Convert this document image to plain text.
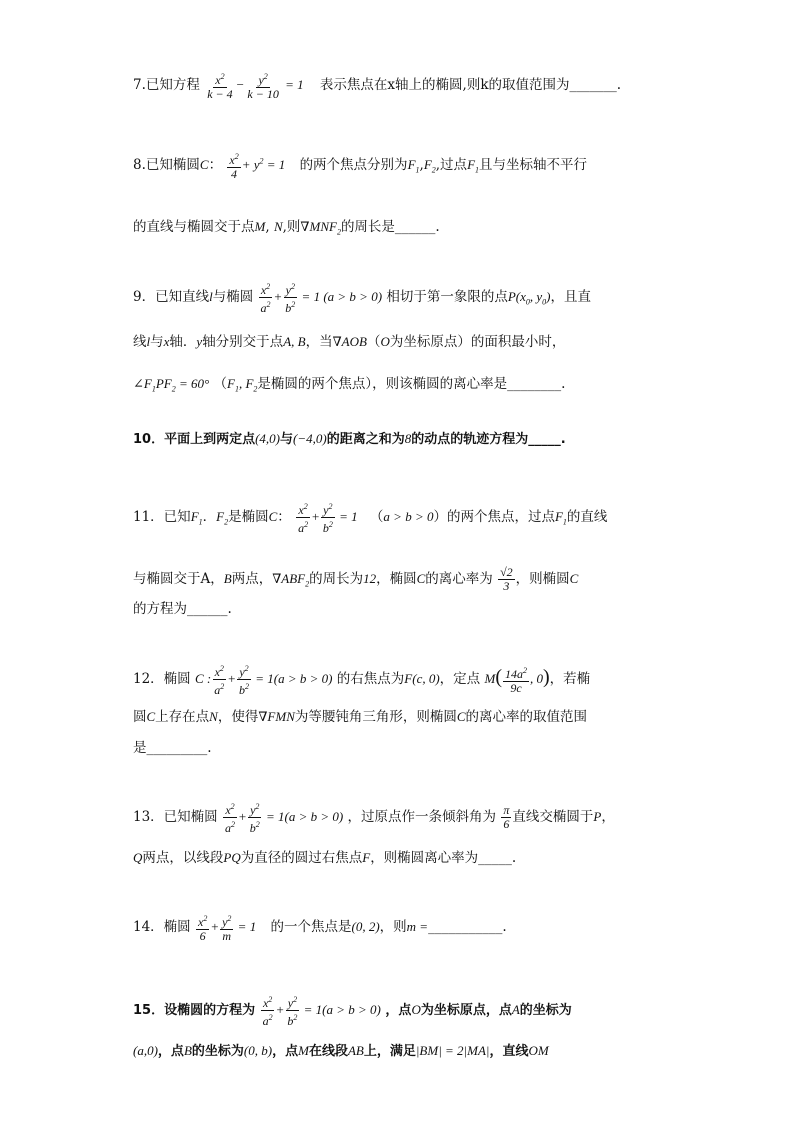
7.已知方程 $\frac{x^2}{k - 4} - \frac{y^2}{k - 10} = 1$ 表示焦点在x轴上的椭圆,则k的取值范围为_______.
8.已知椭圆C： $\frac{x^2}{4} + y^2 = 1$ 的两个焦点分别为$F_1,F_2$,过点$F_1$且与坐标轴不平行
的直线与椭圆交于点M, N,则$\nabla MNF_2$的周长是______.
9．已知直线l与椭圆 $\frac{x^2}{a^2} + \frac{y^2}{b^2} = 1$ (a > b > 0) 相切于第一象限的点$P(x_0$, $y_0$)，且直
线l与x轴．y轴分别交于点A, B，当∇AOB（O为坐标原点）的面积最小时，
$\angle F_1PF_2 = 60^\circ$ （$F_1$, $F_2$是椭圆的两个焦点），则该椭圆的离心率是________.
10．平面上到两定点(4,0)与(−4,0)的距离之和为8的动点的轨迹方程为_____.
11．已知$F_1$．$F_2$是椭圆C： $\frac{x^2}{a^2} + \frac{y^2}{b^2} = 1$ （a > b > 0）的两个焦点，过点$F_1$的直线
与椭圆交于A，B两点，$\nabla ABF_2$的周长为12，椭圆C的离心率为 $\frac{√2}{3}$ ，则椭圆C
的方程为______.
12．椭圆 C : $\frac{x^2}{a^2} + \frac{y^2}{b^2} = 1(a > b > 0)$ 的右焦点为F(c, 0)，定点 $M( \frac{14a^2}{9c}$ , 0)，若椭
圆C上存在点N，使得∇FMN为等腰钝角三角形，则椭圆C的离心率的取值范围
是_________.
13．已知椭圆 $\frac{x^2}{a^2} + \frac{y^2}{b^2} = 1(a > b > 0)$ ，过原点作一条倾斜角为 $\frac{\pi}{6}$ 直线交椭圆于P，
Q两点，以线段PQ为直径的圆过右焦点F，则椭圆离心率为_____.
14．椭圆 $\frac{x^2}{6} + \frac{y^2}{m} = 1$ 的一个焦点是(0, 2)，则m =___________.
15．设椭圆的方程为 $\frac{x^2}{a^2} + \frac{y^2}{b^2} = 1(a > b > 0)$ ，点O为坐标原点，点A的坐标为
(a,0)，点B的坐标为(0, b)，点M在线段AB上，满足|BM| = 2|MA|，直线OM
